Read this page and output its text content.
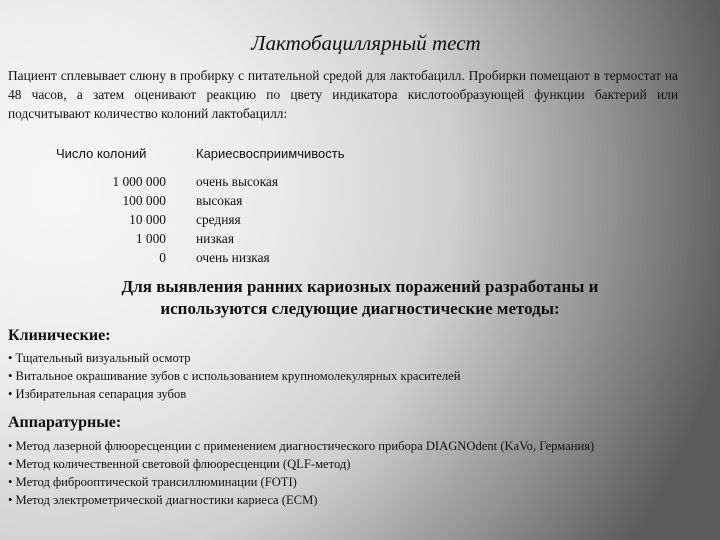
Лактобациллярный тест
Пациент сплевывает слюну в пробирку с питательной средой для лактобацилл. Пробирки помещают в термостат на 48 часов, а затем оценивают реакцию по цвету индикатора кислотообразующей функции бактерий или подсчитывают количество колоний лактобацилл:
Число колоний	Кариесвосприимчивость
1 000 000
100 000
10 000
1 000
0
очень высокая
высокая
средняя
низкая
очень низкая
Для выявления ранних кариозных поражений разработаны и
используются следующие диагностические методы:
Клинические:
• Тщательный визуальный осмотр
• Витальное окрашивание зубов с использованием крупномолекулярных красителей
• Избирательная сепарация зубов
Аппаратурные:
• Метод лазерной флюоресценции с применением диагностического прибора DIAGNOdent (KaVo, Германия)
• Метод количественной световой флюоресценции (QLF-метод)
• Метод фиброоптической трансиллюминации (FOTI)
• Метод электрометрической диагностики кариеса (ECM)
